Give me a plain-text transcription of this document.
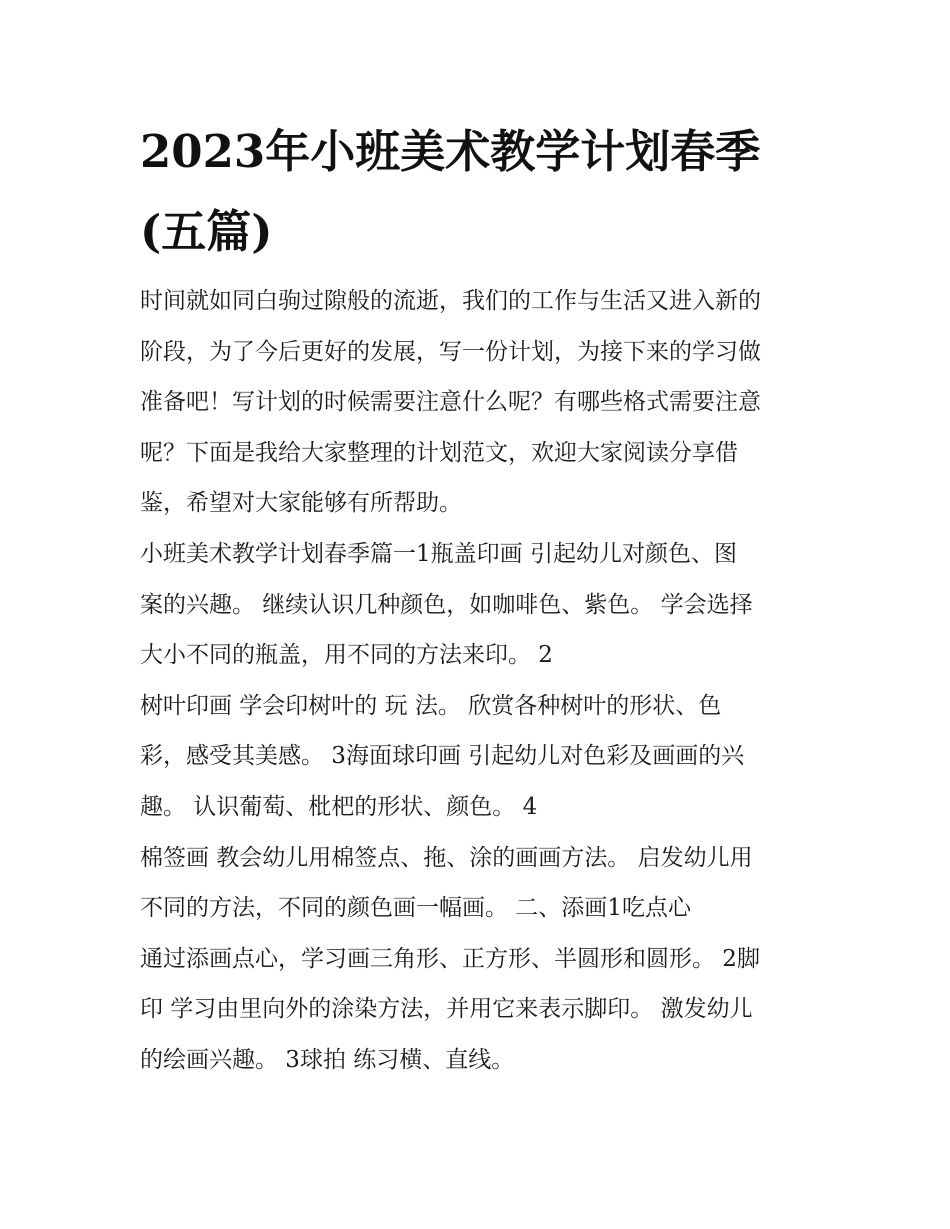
2023年小班美术教学计划春季
(五篇)

时间就如同白驹过隙般的流逝，我们的工作与生活又进入新的

阶段，为了今后更好的发展，写一份计划，为接下来的学习做

准备吧！写计划的时候需要注意什么呢？有哪些格式需要注意

呢？下面是我给大家整理的计划范文，欢迎大家阅读分享借

鉴，希望对大家能够有所帮助。

小班美术教学计划春季篇一1瓶盖印画 引起幼儿对颜色、图

案的兴趣。 继续认识几种颜色，如咖啡色、紫色。 学会选择

大小不同的瓶盖，用不同的方法来印。 2

树叶印画 学会印树叶的 玩 法。 欣赏各种树叶的形状、色

彩，感受其美感。 3海面球印画 引起幼儿对色彩及画画的兴

趣。 认识葡萄、枇杷的形状、颜色。 4

棉签画 教会幼儿用棉签点、拖、涂的画画方法。 启发幼儿用

不同的方法，不同的颜色画一幅画。 二、添画1吃点心

通过添画点心，学习画三角形、正方形、半圆形和圆形。 2脚

印 学习由里向外的涂染方法，并用它来表示脚印。 激发幼儿

的绘画兴趣。 3球拍 练习横、直线。
